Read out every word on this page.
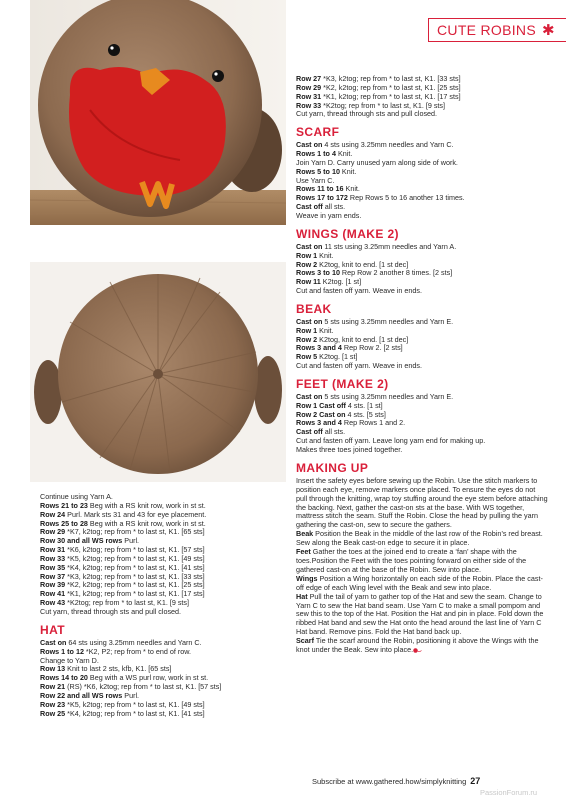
CUTE ROBINS ✱
Continue using Yarn A.
Rows 21 to 23 Beg with a RS knit row, work in st st.
Row 24 Purl. Mark sts 31 and 43 for eye placement.
Rows 25 to 28 Beg with a RS knit row, work in st st.
Row 29 *K7, k2tog; rep from * to last st, K1. [65 sts]
Row 30 and all WS rows Purl.
Row 31 *K6, k2tog; rep from * to last st, K1. [57 sts]
Row 33 *K5, k2tog; rep from * to last st, K1. [49 sts]
Row 35 *K4, k2tog; rep from * to last st, K1. [41 sts]
Row 37 *K3, k2tog; rep from * to last st, K1. [33 sts]
Row 39 *K2, k2tog; rep from * to last st, K1. [25 sts]
Row 41 *K1, k2tog; rep from * to last st, K1. [17 sts]
Row 43 *K2tog; rep from * to last st, K1. [9 sts]
Cut yarn, thread through sts and pull closed.
HAT
Cast on 64 sts using 3.25mm needles and Yarn C.
Rows 1 to 12 *K2, P2; rep from * to end of row.
Change to Yarn D.
Row 13 Knit to last 2 sts, kfb, K1. [65 sts]
Rows 14 to 20 Beg with a WS purl row, work in st st.
Row 21 (RS) *K6, k2tog; rep from * to last st, K1. [57 sts]
Row 22 and all WS rows Purl.
Row 23 *K5, k2tog; rep from * to last st, K1. [49 sts]
Row 25 *K4, k2tog; rep from * to last st, K1. [41 sts]
Row 27 *K3, k2tog; rep from * to last st, K1. [33 sts]
Row 29 *K2, k2tog; rep from * to last st, K1. [25 sts]
Row 31 *K1, k2tog; rep from * to last st, K1. [17 sts]
Row 33 *K2tog; rep from * to last st, K1. [9 sts]
Cut yarn, thread through sts and pull closed.
SCARF
Cast on 4 sts using 3.25mm needles and Yarn C.
Rows 1 to 4 Knit.
Join Yarn D. Carry unused yarn along side of work.
Rows 5 to 10 Knit.
Use Yarn C.
Rows 11 to 16 Knit.
Rows 17 to 172 Rep Rows 5 to 16 another 13 times.
Cast off all sts.
Weave in yarn ends.
WINGS (MAKE 2)
Cast on 11 sts using 3.25mm needles and Yarn A.
Row 1 Knit.
Row 2 K2tog, knit to end. [1 st dec]
Rows 3 to 10 Rep Row 2 another 8 times. [2 sts]
Row 11 K2tog. [1 st]
Cut and fasten off yarn. Weave in ends.
BEAK
Cast on 5 sts using 3.25mm needles and Yarn E.
Row 1 Knit.
Row 2 K2tog, knit to end. [1 st dec]
Rows 3 and 4 Rep Row 2. [2 sts]
Row 5 K2tog. [1 st]
Cut and fasten off yarn. Weave in ends.
FEET (MAKE 2)
Cast on 5 sts using 3.25mm needles and Yarn E.
Row 1 Cast off 4 sts. [1 st]
Row 2 Cast on 4 sts. [5 sts]
Rows 3 and 4 Rep Rows 1 and 2.
Cast off all sts.
Cut and fasten off yarn. Leave long yarn end for making up.
Makes three toes joined together.
MAKING UP

Insert the safety eyes before sewing up the Robin. Use the stitch markers to position each eye, remove markers once placed. To ensure the eyes do not pull through the knitting, wrap toy stuffing around the eye stem before attaching the backing. Next, gather the cast-on sts at the base. With WS together, mattress stitch the seam. Stuff the Robin. Close the head by pulling the yarn gathering the cast-on, sew to secure the gathers.

Beak Position the Beak in the middle of the last row of the Robin’s red breast. Sew along the Beak cast-on edge to secure it in place.

Feet Gather the toes at the joined end to create a ‘fan’ shape with the toes.Position the Feet with the toes pointing forward on either side of the gathered cast-on at the base of the Robin. Sew into place.

Wings Position a Wing horizontally on each side of the Robin. Place the cast-off edge of each Wing level with the Beak and sew into place.

Hat Pull the tail of yarn to gather top of the Hat and sew the seam. Change to Yarn C to sew the Hat band seam. Use Yarn C to make a small pompom and sew this to the top of the Hat. Position the Hat and pin in place. Fold down the ribbed Hat band and sew the Hat onto the head around the last line of Yarn C Hat band. Remove pins. Fold the Hat band back up.

Scarf Tie the scarf around the Robin, positioning it above the Wings with the knot under the Beak. Sew into place.

Subscribe at www.gathered.how/simplyknitting 27
PassionForum.ru
